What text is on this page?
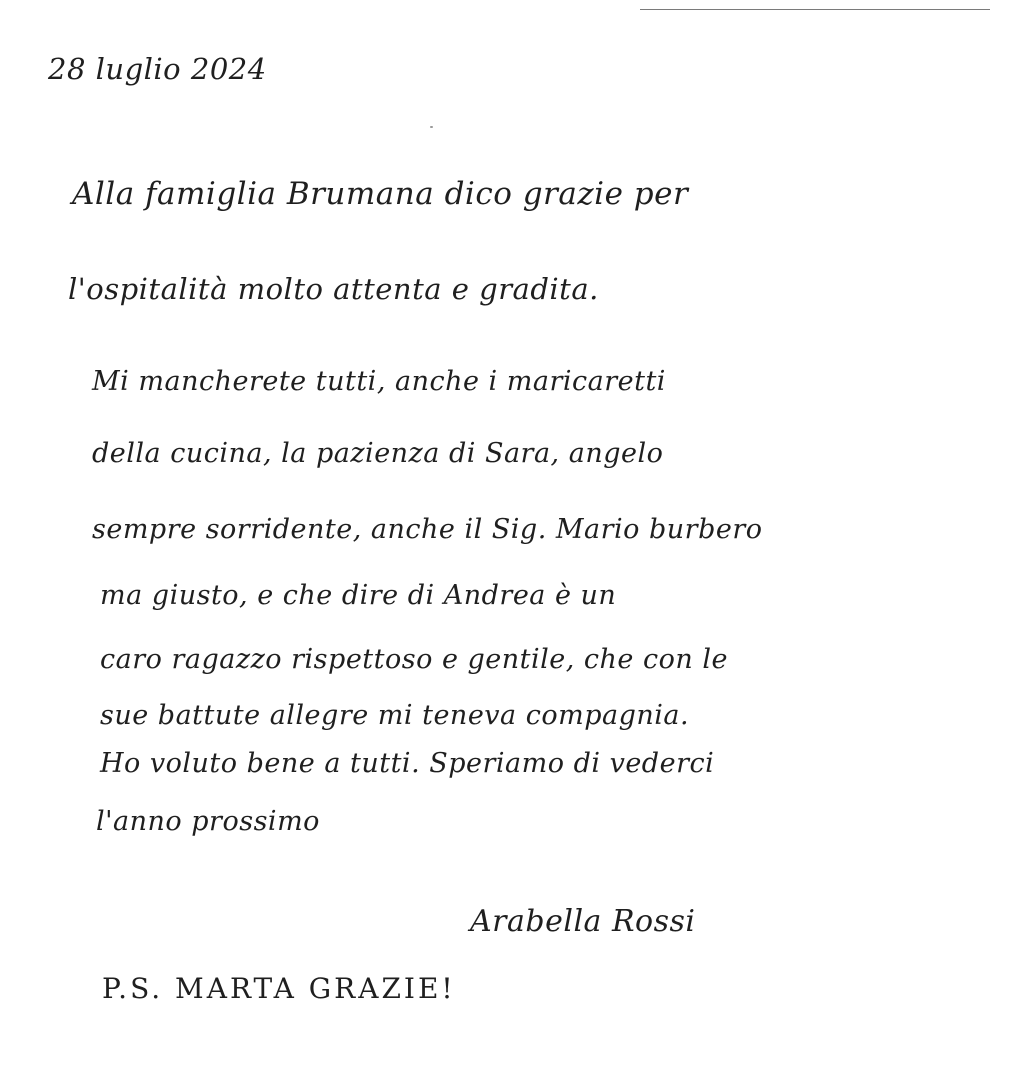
28 luglio 2024

Alla famiglia Brumana dico grazie per

l'ospitalità molto attenta e gradita.

Mi mancherete tutti, anche i maricaretti

della cucina, la pazienza di Sara, angelo

sempre sorridente, anche il Sig. Mario burbero

ma giusto, e che dire di Andrea è un

caro ragazzo rispettoso e gentile, che con le

sue battute allegre mi teneva compagnia.

Ho voluto bene a tutti. Speriamo di vederci

l'anno prossimo

Arabella Rossi

P.S. MARTA GRAZIE!
